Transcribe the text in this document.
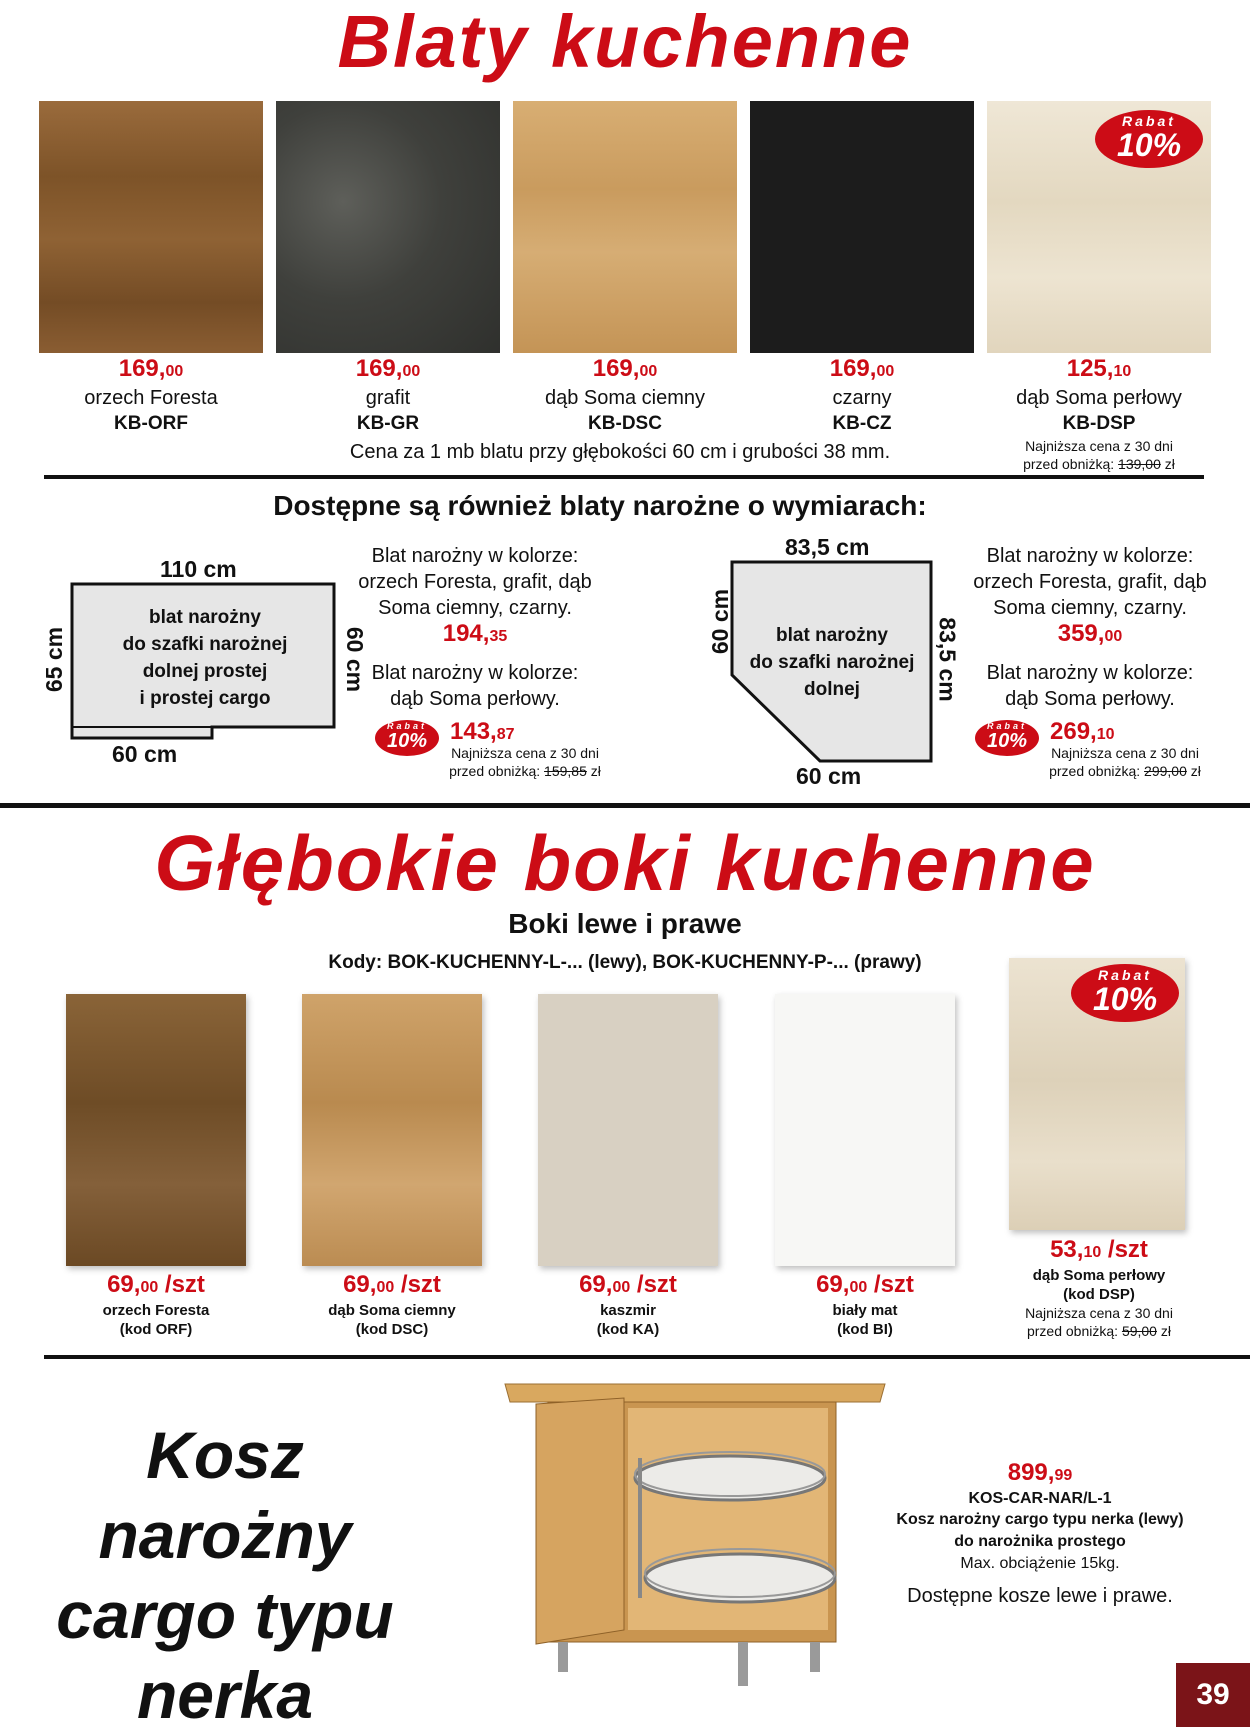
Blaty kuchenne
Rabat
10%
169,00
orzech Foresta
KB-ORF
169,00
grafit
KB-GR
169,00
dąb Soma ciemny
KB-DSC
169,00
czarny
KB-CZ
125,10
dąb Soma perłowy
KB-DSP
Najniższa cena z 30 dni
przed obniżką: 139,00 zł
Cena za 1 mb blatu przy głębokości 60 cm i grubości 38 mm.
Dostępne są również blaty narożne o wymiarach:
110 cm
65 cm	60 cm
60 cm
blat narożny
do szafki narożnej
dolnej prostej
i prostej cargo
Blat narożny w kolorze:
orzech Foresta, grafit, dąb
Soma ciemny, czarny.
194,35
Blat narożny w kolorze:
dąb Soma perłowy.
Rabat
10% 143,87
Najniższa cena z 30 dni
przed obniżką: 159,85 zł
83,5 cm
60 cm	83,5 cm
60 cm
blat narożny
do szafki narożnej
dolnej
Blat narożny w kolorze:
orzech Foresta, grafit, dąb
Soma ciemny, czarny.
359,00
Blat narożny w kolorze:
dąb Soma perłowy.
Rabat
10% 269,10
Najniższa cena z 30 dni
przed obniżką: 299,00 zł
Głębokie boki kuchenne
Boki lewe i prawe
Kody: BOK-KUCHENNY-L-... (lewy), BOK-KUCHENNY-P-... (prawy)
Rabat
10%
69,00 /szt
orzech Foresta
(kod ORF)
69,00 /szt
dąb Soma ciemny
(kod DSC)
69,00 /szt
kaszmir
(kod KA)
69,00 /szt
biały mat
(kod BI)
53,10 /szt
dąb Soma perłowy
(kod DSP)
Najniższa cena z 30 dni
przed obniżką: 59,00 zł
Kosz narożny
cargo typu
nerka
899,99
KOS-CAR-NAR/L-1
Kosz narożny cargo typu nerka (lewy)
do narożnika prostego
Max. obciążenie 15kg.
Dostępne kosze lewe i prawe.
39
